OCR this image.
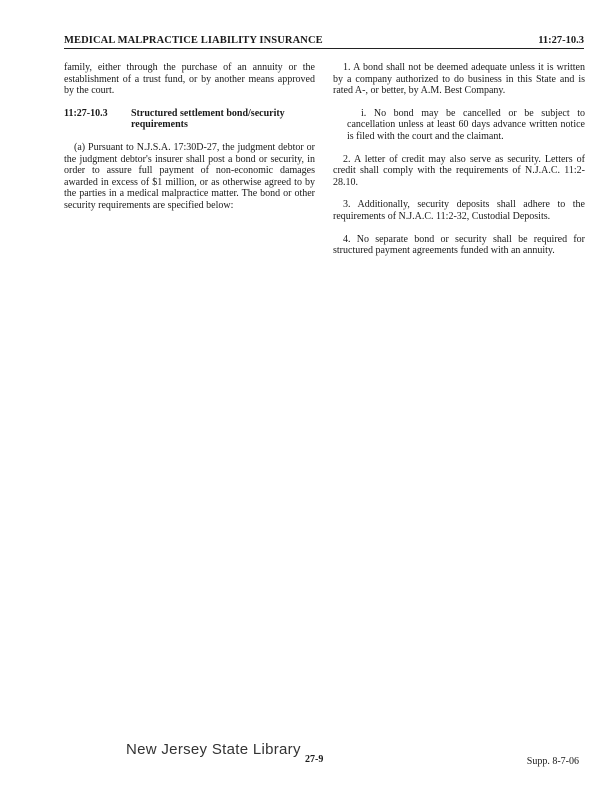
MEDICAL MALPRACTICE LIABILITY INSURANCE	11:27-10.3

family, either through the purchase of an annuity or the establishment of a trust fund, or by another means approved by the court.

11:27-10.3	Structured settlement bond/security requirements

(a) Pursuant to N.J.S.A. 17:30D-27, the judgment debtor or the judgment debtor's insurer shall post a bond or security, in order to assure full payment of non-economic damages awarded in excess of $1 million, or as otherwise agreed to by the parties in a medical malpractice matter. The bond or other security requirements are specified below:

1. A bond shall not be deemed adequate unless it is written by a company authorized to do business in this State and is rated A-, or better, by A.M. Best Company.

i. No bond may be cancelled or be subject to cancellation unless at least 60 days advance written notice is filed with the court and the claimant.

2. A letter of credit may also serve as security. Letters of credit shall comply with the requirements of N.J.A.C. 11:2-28.10.

3. Additionally, security deposits shall adhere to the requirements of N.J.A.C. 11:2-32, Custodial Deposits.

4. No separate bond or security shall be required for structured payment agreements funded with an annuity.

New Jersey State Library
27-9	Supp. 8-7-06
